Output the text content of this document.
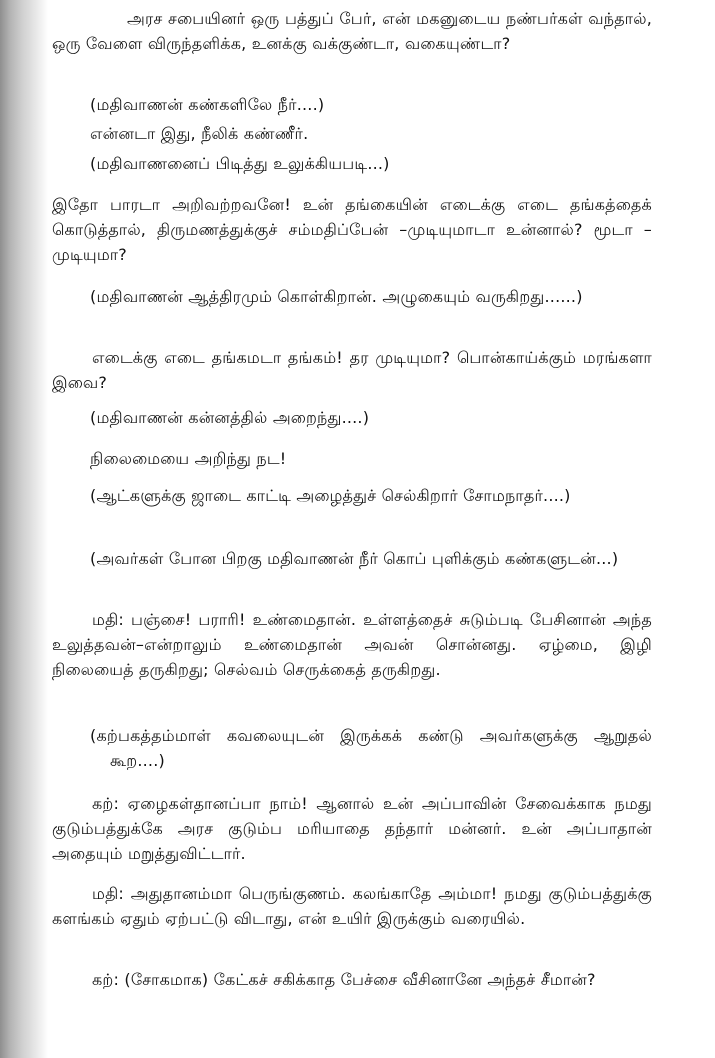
அரச சபையினர் ஒரு பத்துப் பேர், என் மகனுடைய நண்பர்கள் வந்தால், ஒரு வேளை விருந்தளிக்க, உனக்கு வக்குண்டா, வகையுண்டா?

(மதிவாணன் கண்களிலே நீர்....)

என்னடா இது, நீலிக் கண்ணீர்.

(மதிவாணனைப் பிடித்து உலுக்கியபடி...)

இதோ பாரடா அறிவற்றவனே! உன் தங்கையின் எடைக்கு எடை தங்கத்தைக் கொடுத்தால், திருமணத்துக்குச் சம்மதிப்பேன் –முடியுமாடா உன்னால்? மூடா – முடியுமா?

(மதிவாணன் ஆத்திரமும் கொள்கிறான். அழுகையும் வருகிறது......)

எடைக்கு எடை தங்கமடா தங்கம்! தர முடியுமா? பொன்காய்க்கும் மரங்களா இவை?

(மதிவாணன் கன்னத்தில் அறைந்து....)

நிலைமையை அறிந்து நட!

(ஆட்களுக்கு ஜாடை காட்டி அழைத்துச் செல்கிறார் சோமநாதர்....)

(அவர்கள் போன பிறகு மதிவாணன் நீர் கொப் புளிக்கும் கண்களுடன்...)

மதி: பஞ்சை! பராரி! உண்மைதான். உள்ளத்தைச் சுடும்படி பேசினான் அந்த உலுத்தவன்–என்றாலும் உண்மைதான் அவன் சொன்னது. ஏழ்மை, இழி நிலையைத் தருகிறது; செல்வம் செருக்கைத் தருகிறது.

(கற்பகத்தம்மாள் கவலையுடன் இருக்கக் கண்டு அவர்களுக்கு ஆறுதல் கூற....)

கற்: ஏழைகள்தானப்பா நாம்! ஆனால் உன் அப்பாவின் சேவைக்காக நமது குடும்பத்துக்கே அரச குடும்ப மரியாதை தந்தார் மன்னர். உன் அப்பாதான் அதையும் மறுத்துவிட்டார்.

மதி: அதுதானம்மா பெருங்குணம். கலங்காதே அம்மா! நமது குடும்பத்துக்கு களங்கம் ஏதும் ஏற்பட்டு விடாது, என் உயிர் இருக்கும் வரையில்.

கற்: (சோகமாக) கேட்கச் சகிக்காத பேச்சை வீசினானே அந்தச் சீமான்?
